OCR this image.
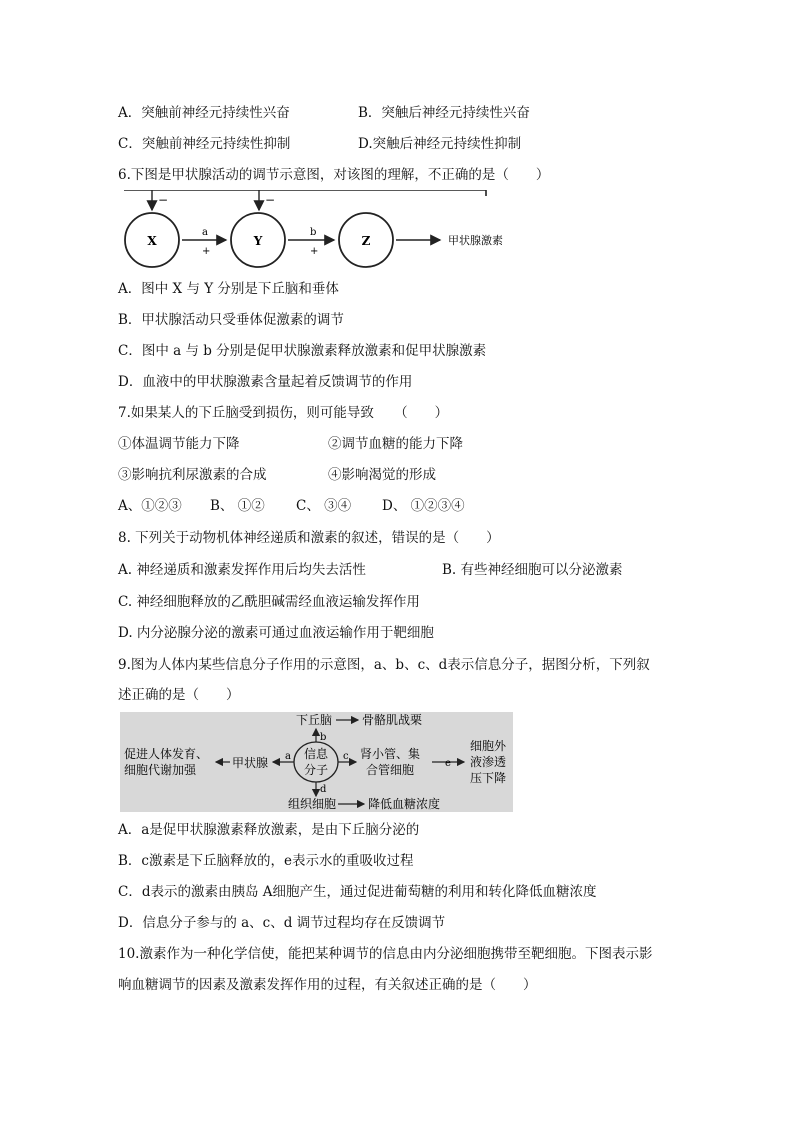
A．突触前神经元持续性兴奋	B．突触后神经元持续性兴奋
C．突触前神经元持续性抑制	D.突触后神经元持续性抑制
6.下图是甲状腺活动的调节示意图，对该图的理解，不正确的是（　　）
−	−
X	Y	Z
a
+
b
+
甲状腺激素
A．图中 X 与 Y 分别是下丘脑和垂体
B．甲状腺活动只受垂体促激素的调节
C．图中 a 与 b 分别是促甲状腺激素释放激素和促甲状腺激素
D．血液中的甲状腺激素含量起着反馈调节的作用
7.如果某人的下丘脑受到损伤，则可能导致　　（　　）
①体温调节能力下降	②调节血糖的能力下降
③影响抗利尿激素的合成	④影响渴觉的形成
A、①②③ B、 ①② C、 ③④ D、 ①②③④
8. 下列关于动物机体神经递质和激素的叙述，错误的是（　　）
A. 神经递质和激素发挥作用后均失去活性	B. 有些神经细胞可以分泌激素
C. 神经细胞释放的乙酰胆碱需经血液运输发挥作用
D. 内分泌腺分泌的激素可通过血液运输作用于靶细胞
9.图为人体内某些信息分子作用的示意图，a、b、c、d表示信息分子，据图分析，下列叙
述正确的是（　　）
信息
分子
下丘脑 骨骼肌战栗
b
a
甲状腺
促进人体发育、
细胞代谢加强
c 肾小管、集
合管细胞	e
细胞外
液渗透
压下降
d
组织细胞	降低血糖浓度
A．a是促甲状腺激素释放激素，是由下丘脑分泌的
B．c激素是下丘脑释放的，e表示水的重吸收过程
C．d表示的激素由胰岛 A细胞产生，通过促进葡萄糖的利用和转化降低血糖浓度
D．信息分子参与的 a、c、d 调节过程均存在反馈调节
10.激素作为一种化学信使，能把某种调节的信息由内分泌细胞携带至靶细胞。下图表示影
响血糖调节的因素及激素发挥作用的过程，有关叙述正确的是（　　）
